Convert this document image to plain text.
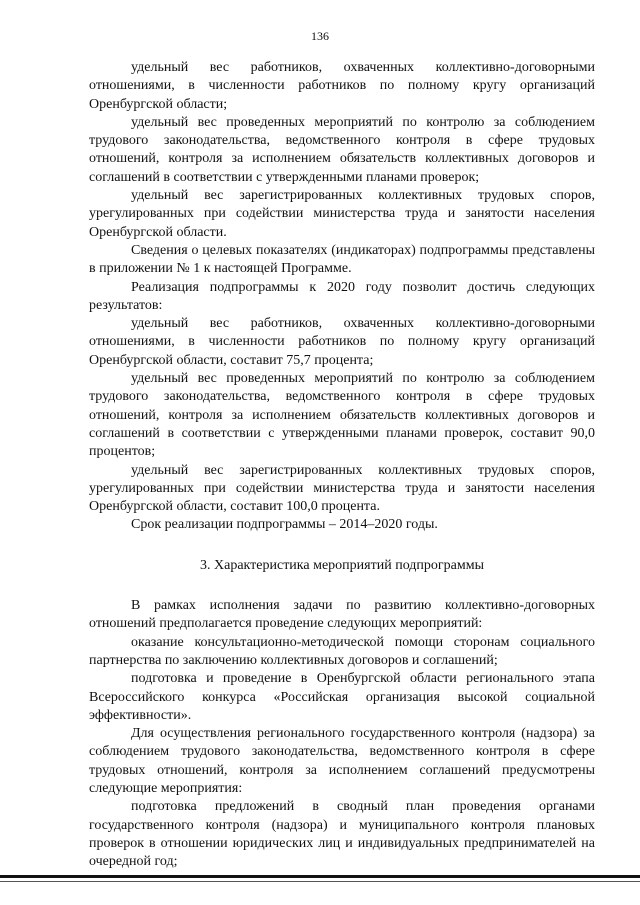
136

удельный вес работников, охваченных коллективно-договорными отношениями, в численности работников по полному кругу организаций Оренбургской области;

удельный вес проведенных мероприятий по контролю за соблюдением трудового законодательства, ведомственного контроля в сфере трудовых отношений, контроля за исполнением обязательств коллективных договоров и соглашений в соответствии с утвержденными планами проверок;

удельный вес зарегистрированных коллективных трудовых споров, урегулированных при содействии министерства труда и занятости населения Оренбургской области.

Сведения о целевых показателях (индикаторах) подпрограммы представлены в приложении № 1 к настоящей Программе.

Реализация подпрограммы к 2020 году позволит достичь следующих результатов:

удельный вес работников, охваченных коллективно-договорными отношениями, в численности работников по полному кругу организаций Оренбургской области, составит 75,7 процента;

удельный вес проведенных мероприятий по контролю за соблюдением трудового законодательства, ведомственного контроля в сфере трудовых отношений, контроля за исполнением обязательств коллективных договоров и соглашений в соответствии с утвержденными планами проверок, составит 90,0 процентов;

удельный вес зарегистрированных коллективных трудовых споров, урегулированных при содействии министерства труда и занятости населения Оренбургской области, составит 100,0 процента.

Срок реализации подпрограммы – 2014–2020 годы.

3. Характеристика мероприятий подпрограммы

В рамках исполнения задачи по развитию коллективно-договорных отношений предполагается проведение следующих мероприятий:

оказание консультационно-методической помощи сторонам социального партнерства по заключению коллективных договоров и соглашений;

подготовка и проведение в Оренбургской области регионального этапа Всероссийского конкурса «Российская организация высокой социальной эффективности».

Для осуществления регионального государственного контроля (надзора) за соблюдением трудового законодательства, ведомственного контроля в сфере трудовых отношений, контроля за исполнением соглашений предусмотрены следующие мероприятия:

подготовка предложений в сводный план проведения органами государственного контроля (надзора) и муниципального контроля плановых проверок в отношении юридических лиц и индивидуальных предпринимателей на очередной год;
